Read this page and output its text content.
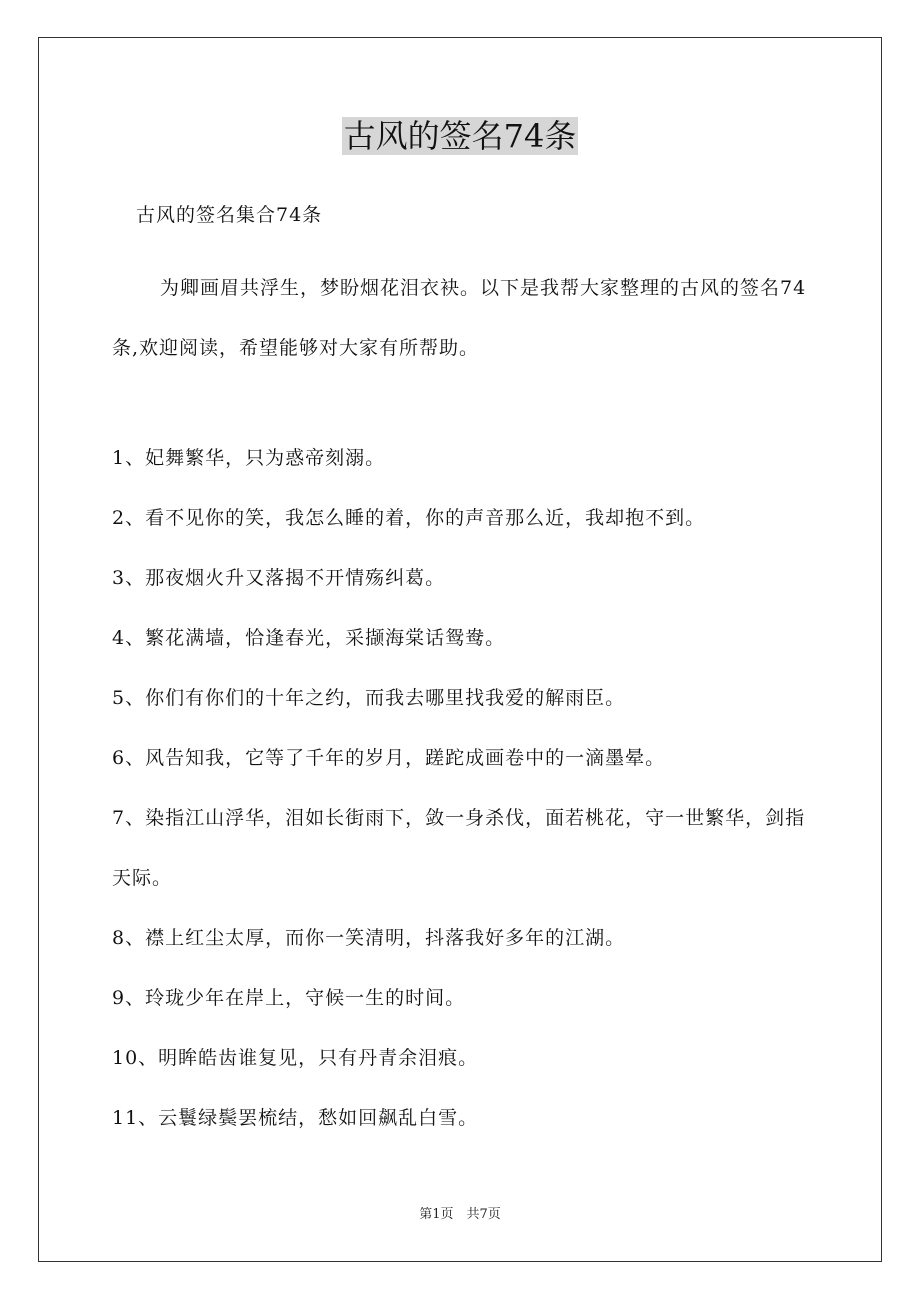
古风的签名74条
古风的签名集合74条
为卿画眉共浮生，梦盼烟花泪衣袂。以下是我帮大家整理的古风的签名74条,欢迎阅读，希望能够对大家有所帮助。
1、妃舞繁华，只为惑帝刻溺。
2、看不见你的笑，我怎么睡的着，你的声音那么近，我却抱不到。
3、那夜烟火升又落揭不开情殇纠葛。
4、繁花满墙，恰逢春光，采撷海棠话鸳鸯。
5、你们有你们的十年之约，而我去哪里找我爱的解雨臣。
6、风告知我，它等了千年的岁月，蹉跎成画卷中的一滴墨晕。
7、染指江山浮华，泪如长街雨下，敛一身杀伐，面若桃花，守一世繁华，剑指天际。
8、襟上红尘太厚，而你一笑清明，抖落我好多年的江湖。
9、玲珑少年在岸上，守候一生的时间。
10、明眸皓齿谁复见，只有丹青余泪痕。
11、云鬟绿鬓罢梳结，愁如回飙乱白雪。
第1页　共7页
